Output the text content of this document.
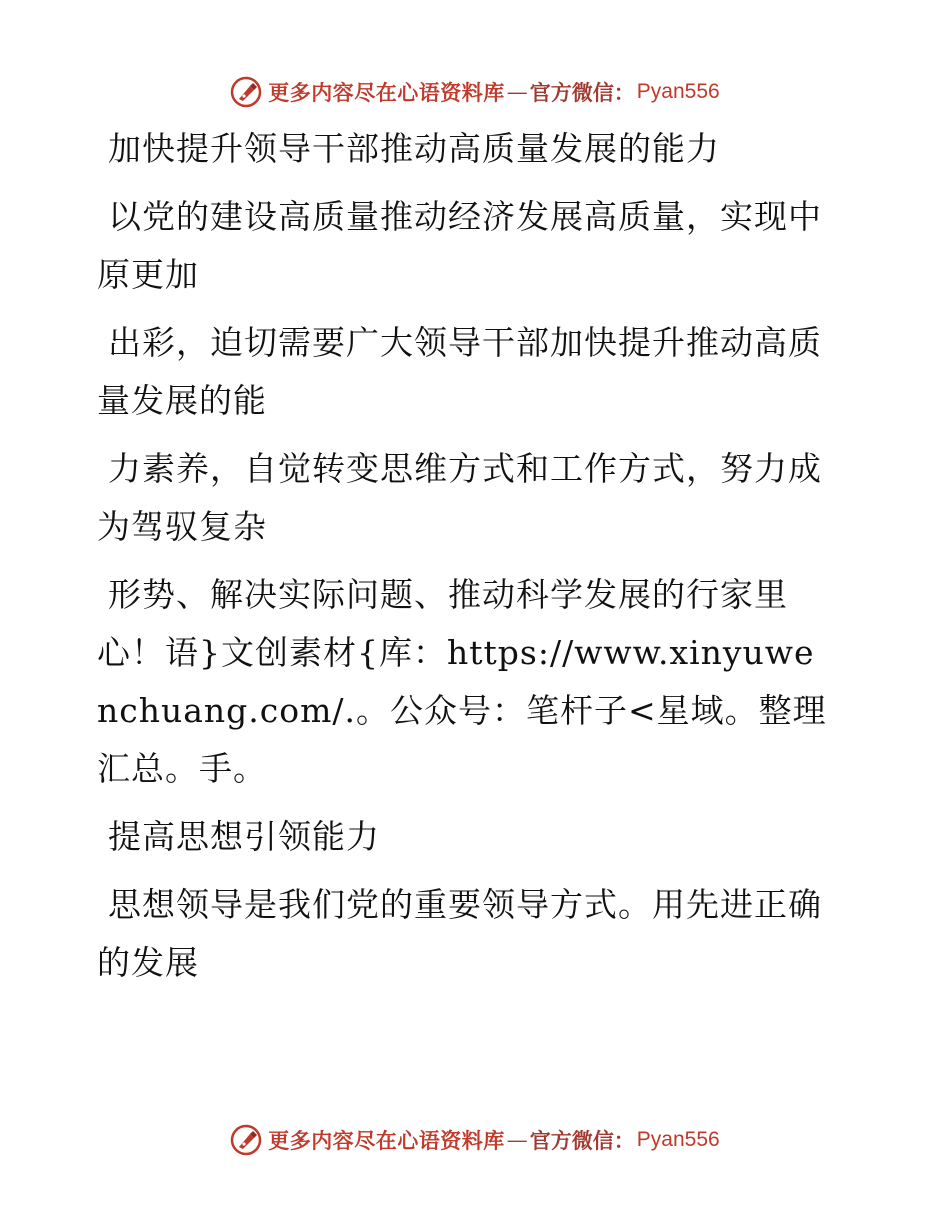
更多内容尽在心语资料库 — 官方微信： Pyan556

加快提升领导干部推动高质量发展的能力

以党的建设高质量推动经济发展高质量，实现中原更加

出彩，迫切需要广大领导干部加快提升推动高质量发展的能

力素养，自觉转变思维方式和工作方式，努力成为驾驭复杂

形势、解决实际问题、推动科学发展的行家里心！语}文创素材{库：https://www.xinyuwenchuang.com/.。公众号：笔杆子<星域。整理汇总。手。

提高思想引领能力

思想领导是我们党的重要领导方式。用先进正确的发展

更多内容尽在心语资料库 — 官方微信： Pyan556
